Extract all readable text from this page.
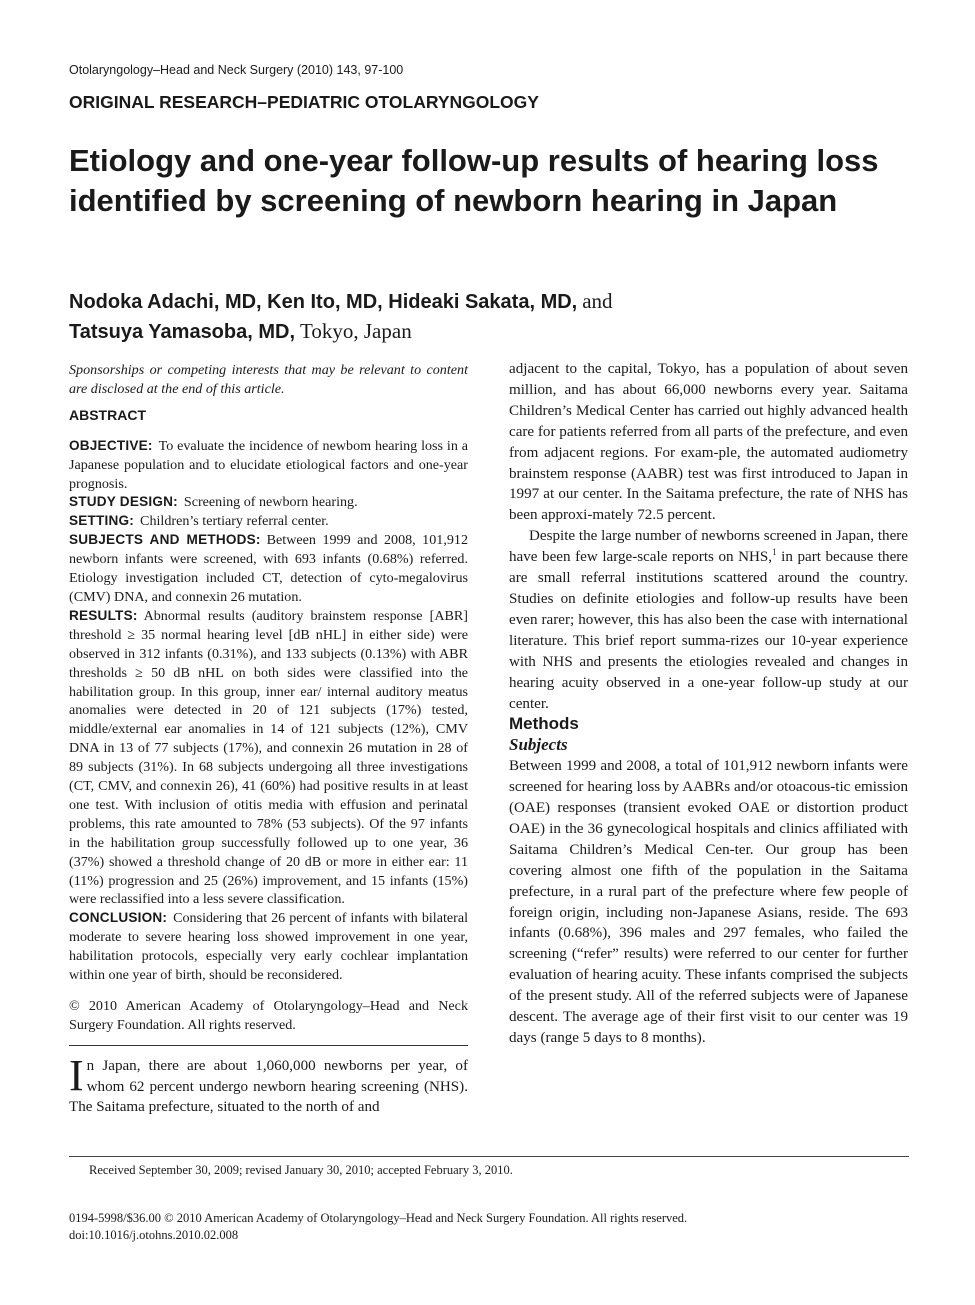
Otolaryngology–Head and Neck Surgery (2010) 143, 97-100
ORIGINAL RESEARCH–PEDIATRIC OTOLARYNGOLOGY
Etiology and one-year follow-up results of hearing loss identified by screening of newborn hearing in Japan
Nodoka Adachi, MD, Ken Ito, MD, Hideaki Sakata, MD, and
Tatsuya Yamasoba, MD, Tokyo, Japan

Sponsorships or competing interests that may be relevant to content are disclosed at the end of this article.

ABSTRACT

OBJECTIVE: To evaluate the incidence of newbom hearing loss in a Japanese population and to elucidate etiological factors and one-year prognosis.

STUDY DESIGN: Screening of newborn hearing.

SETTING: Children’s tertiary referral center.

SUBJECTS AND METHODS: Between 1999 and 2008, 101,912 newborn infants were screened, with 693 infants (0.68%) referred. Etiology investigation included CT, detection of cyto-megalovirus (CMV) DNA, and connexin 26 mutation.

RESULTS: Abnormal results (auditory brainstem response [ABR] threshold ≥ 35 normal hearing level [dB nHL] in either side) were observed in 312 infants (0.31%), and 133 subjects (0.13%) with ABR thresholds ≥ 50 dB nHL on both sides were classified into the habilitation group. In this group, inner ear/ internal auditory meatus anomalies were detected in 20 of 121 subjects (17%) tested, middle/external ear anomalies in 14 of 121 subjects (12%), CMV DNA in 13 of 77 subjects (17%), and connexin 26 mutation in 28 of 89 subjects (31%). In 68 subjects undergoing all three investigations (CT, CMV, and connexin 26), 41 (60%) had positive results in at least one test. With inclusion of otitis media with effusion and perinatal problems, this rate amounted to 78% (53 subjects). Of the 97 infants in the habilitation group successfully followed up to one year, 36 (37%) showed a threshold change of 20 dB or more in either ear: 11 (11%) progression and 25 (26%) improvement, and 15 infants (15%) were reclassified into a less severe classification.

CONCLUSION: Considering that 26 percent of infants with bilateral moderate to severe hearing loss showed improvement in one year, habilitation protocols, especially very early cochlear implantation within one year of birth, should be reconsidered.

© 2010 American Academy of Otolaryngology–Head and Neck Surgery Foundation. All rights reserved.

In Japan, there are about 1,060,000 newborns per year, of whom 62 percent undergo newborn hearing screening (NHS). The Saitama prefecture, situated to the north of and

adjacent to the capital, Tokyo, has a population of about seven million, and has about 66,000 newborns every year. Saitama Children’s Medical Center has carried out highly advanced health care for patients referred from all parts of the prefecture, and even from adjacent regions. For exam-ple, the automated audiometry brainstem response (AABR) test was first introduced to Japan in 1997 at our center. In the Saitama prefecture, the rate of NHS has been approxi-mately 72.5 percent.

Despite the large number of newborns screened in Japan, there have been few large-scale reports on NHS,$^1$ in part because there are small referral institutions scattered around the country. Studies on definite etiologies and follow-up results have been even rarer; however, this has also been the case with international literature. This brief report summa-rizes our 10-year experience with NHS and presents the etiologies revealed and changes in hearing acuity observed in a one-year follow-up study at our center.

Methods

Subjects

Between 1999 and 2008, a total of 101,912 newborn infants were screened for hearing loss by AABRs and/or otoacous-tic emission (OAE) responses (transient evoked OAE or distortion product OAE) in the 36 gynecological hospitals and clinics affiliated with Saitama Children’s Medical Cen-ter. Our group has been covering almost one fifth of the population in the Saitama prefecture, in a rural part of the prefecture where few people of foreign origin, including non-Japanese Asians, reside. The 693 infants (0.68%), 396 males and 297 females, who failed the screening (“refer” results) were referred to our center for further evaluation of hearing acuity. These infants comprised the subjects of the present study. All of the referred subjects were of Japanese descent. The average age of their first visit to our center was 19 days (range 5 days to 8 months).

Received September 30, 2009; revised January 30, 2010; accepted February 3, 2010.
0194-5998/$36.00 © 2010 American Academy of Otolaryngology–Head and Neck Surgery Foundation. All rights reserved.
doi:10.1016/j.otohns.2010.02.008
